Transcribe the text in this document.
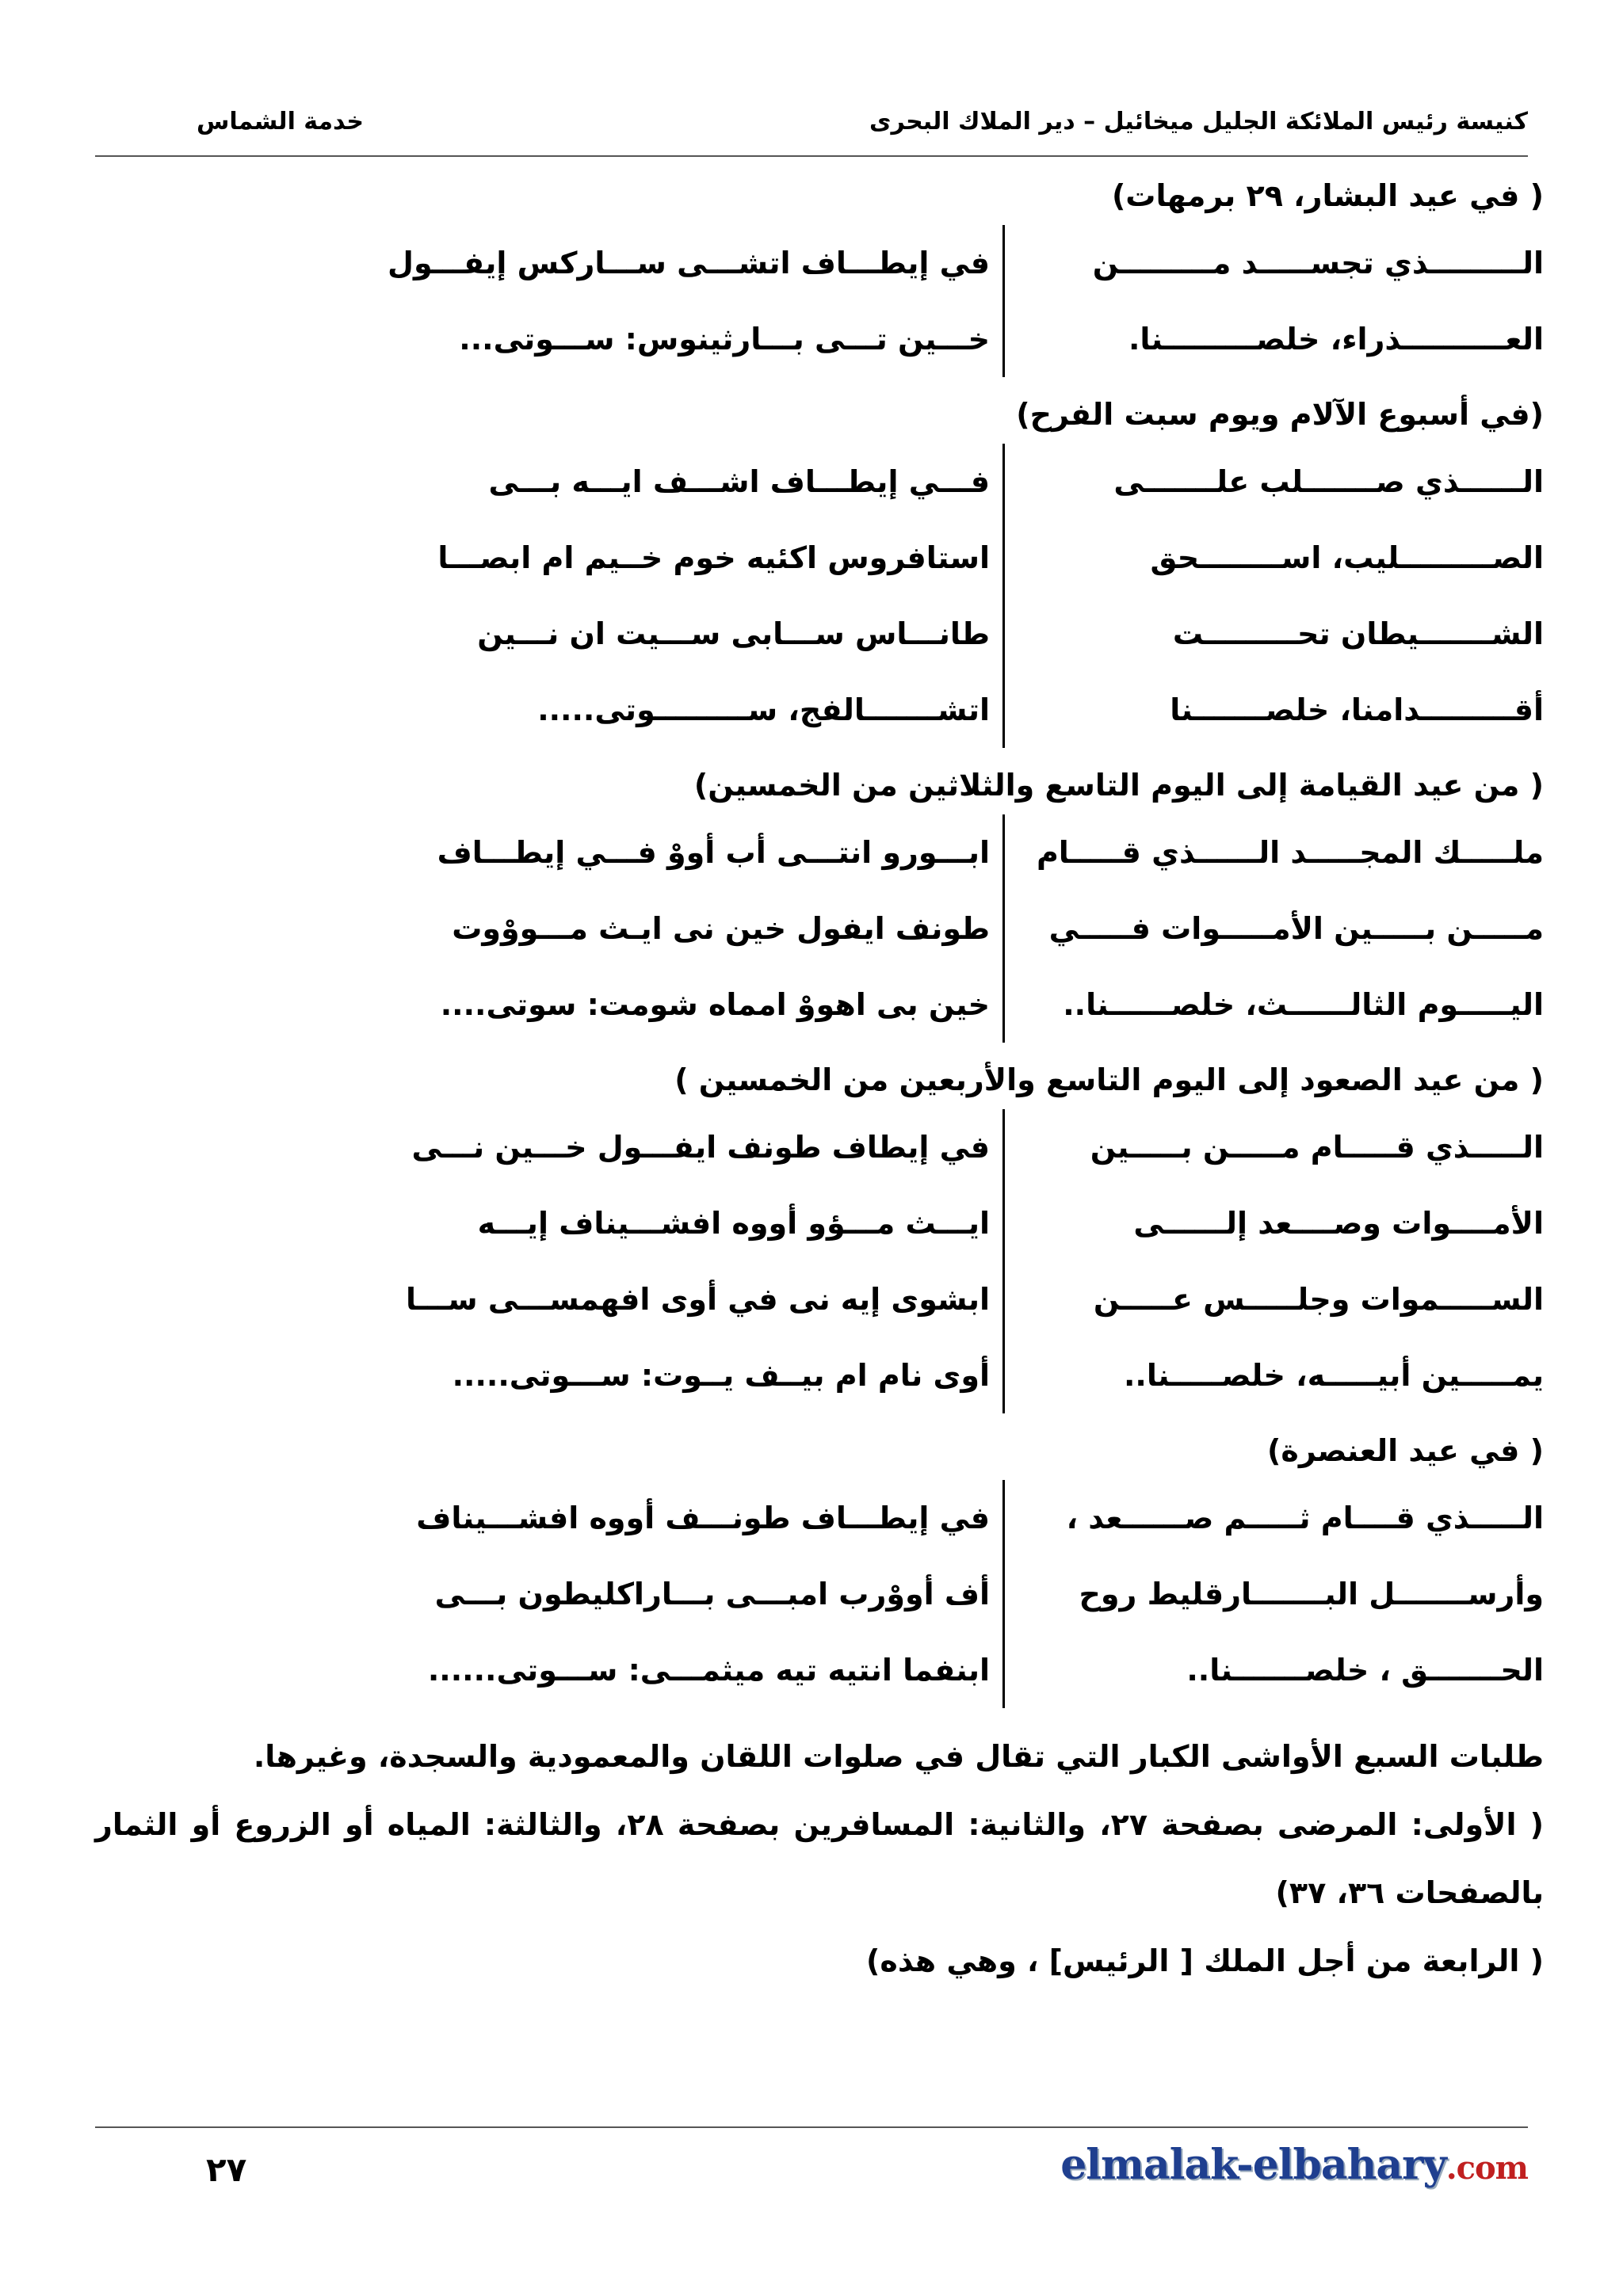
كنيسة رئيس الملائكة الجليل ميخائيل – دير الملاك البحرى
خدمة الشماس
( في عيد البشار، ٢٩ برمهات)
الـــــــــذي تجســـــد مـــــــــن
في إيطـــاف اتشـــى ســـاركس إيفـــول
العــــــــــذراء، خلصـــــــــنا.
خـــين تـــى بـــارثينوس: ســـوتى...
(في أسبوع الآلام ويوم سبت الفرح)
الــــــذي صـــــــلب علـــــــى
فـــي إيطـــاف اشـــف ايـــه بـــى
الصـــــــــليب، اســــــــحق
استافروس اكئيه خوم خــيم ام ابصـــا
الشـــــــيطان تحـــــــــت
طانـــاس ســـابى ســـيت ان نـــين
أقـــــــــدامنا، خلصـــــــنا
اتشـــــــالفج، ســـــــــوتى.....
( من عيد القيامة إلى اليوم التاسع والثلاثين من الخمسين)
ملـــــك المجـــــد الــــــذي قـــــام
ابـــورو انتـــى أب أووْ فـــي إيطـــاف
مـــــن بـــــين الأمـــــوات فـــــي
طونف ايفول خين نى ايـث مـــووْوت
اليـــــوم الثالــــــث، خلصــــــنا..
خين بى اهووْ امماه شومت: سوتى....
( من عيد الصعود إلى اليوم التاسع والأربعين من الخمسين )
الـــــذي قـــــام مـــــن بـــــين
في إيطاف طونف ايفـــول خـــين نـــى
الأمــــوات وصــــعد إلــــــى
ايـــث مـــؤو أووه افشـــيناف إيـــه
الســـــموات وجلـــــس عـــــن
ابشوى إيه نى في أوى افهمســـى ســـا
يمـــــين أبيـــــه، خلصـــــنا..
أوى نام ام بيــف يــوت: ســـوتى.....
( في عيد العنصرة)
الـــــذي قــــام ثـــــم صــــــعد ،
في إيطـــاف طونـــف أووه افشـــيناف
وأرســـــــل البـــــــارقليط روح
أف أووْرب امبـــى بـــاراكليطون بـــى
الحـــــــق ، خلصـــــــنا..
ابنفما انتيه تيه ميثمـــى: ســـوتى......
طلبات السبع الأواشى الكبار التي تقال في صلوات اللقان والمعمودية والسجدة، وغيرها.
( الأولى: المرضى بصفحة ٢٧، والثانية: المسافرين بصفحة ٢٨، والثالثة: المياه أو الزروع أو الثمار بالصفحات ٣٦، ٣٧)
( الرابعة من أجل الملك [ الرئيس] ، وهي هذه)
٢٧	elmalak-elbahary.com
